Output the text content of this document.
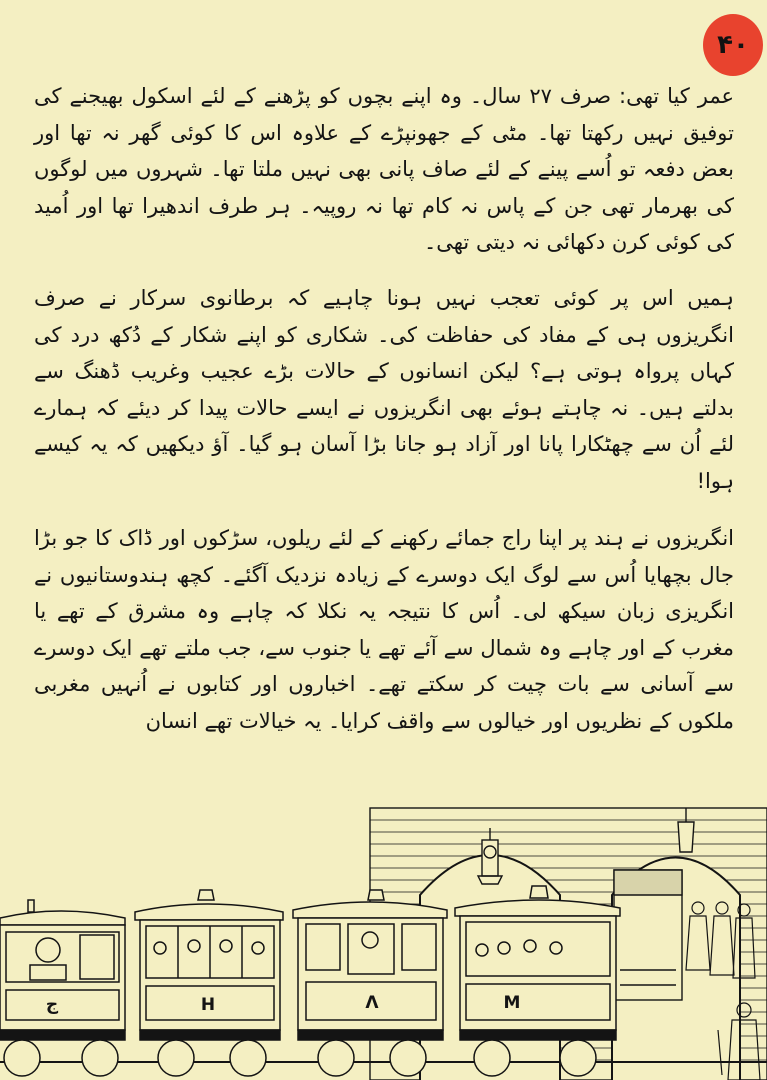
۴۰
عمر کیا تھی: صرف ۲۷ سال۔ وہ اپنے بچوں کو پڑھنے کے لئے اسکول بھیجنے کی توفیق نہیں رکھتا تھا۔ مٹی کے جھونپڑے کے علاوہ اس کا کوئی گھر نہ تھا اور بعض دفعہ تو اُسے پینے کے لئے صاف پانی بھی نہیں ملتا تھا۔ شہروں میں لوگوں کی بھرمار تھی جن کے پاس نہ کام تھا نہ روپیہ۔ ہر طرف اندھیرا تھا اور اُمید کی کوئی کرن دکھائی نہ دیتی تھی۔
ہمیں اس پر کوئی تعجب نہیں ہونا چاہیے کہ برطانوی سرکار نے صرف انگریزوں ہی کے مفاد کی حفاظت کی۔ شکاری کو اپنے شکار کے دُکھ درد کی کہاں پرواہ ہوتی ہے؟ لیکن انسانوں کے حالات بڑے عجیب وغریب ڈھنگ سے بدلتے ہیں۔ نہ چاہتے ہوئے بھی انگریزوں نے ایسے حالات پیدا کر دیئے کہ ہمارے لئے اُن سے چھٹکارا پانا اور آزاد ہو جانا بڑا آسان ہو گیا۔ آؤ دیکھیں کہ یہ کیسے ہوا!
انگریزوں نے ہند پر اپنا راج جمائے رکھنے کے لئے ریلوں، سڑکوں اور ڈاک کا جو بڑا جال بچھایا اُس سے لوگ ایک دوسرے کے زیادہ نزدیک آگئے۔ کچھ ہندوستانیوں نے انگریزی زبان سیکھ لی۔ اُس کا نتیجہ یہ نکلا کہ چاہے وہ مشرق کے تھے یا مغرب کے اور چاہے وہ شمال سے آئے تھے یا جنوب سے، جب ملتے تھے ایک دوسرے سے آسانی سے بات چیت کر سکتے تھے۔ اخباروں اور کتابوں نے اُنہیں مغربی ملکوں کے نظریوں اور خیالوں سے واقف کرایا۔ یہ خیالات تھے انسان
ج	H	Λ	M
